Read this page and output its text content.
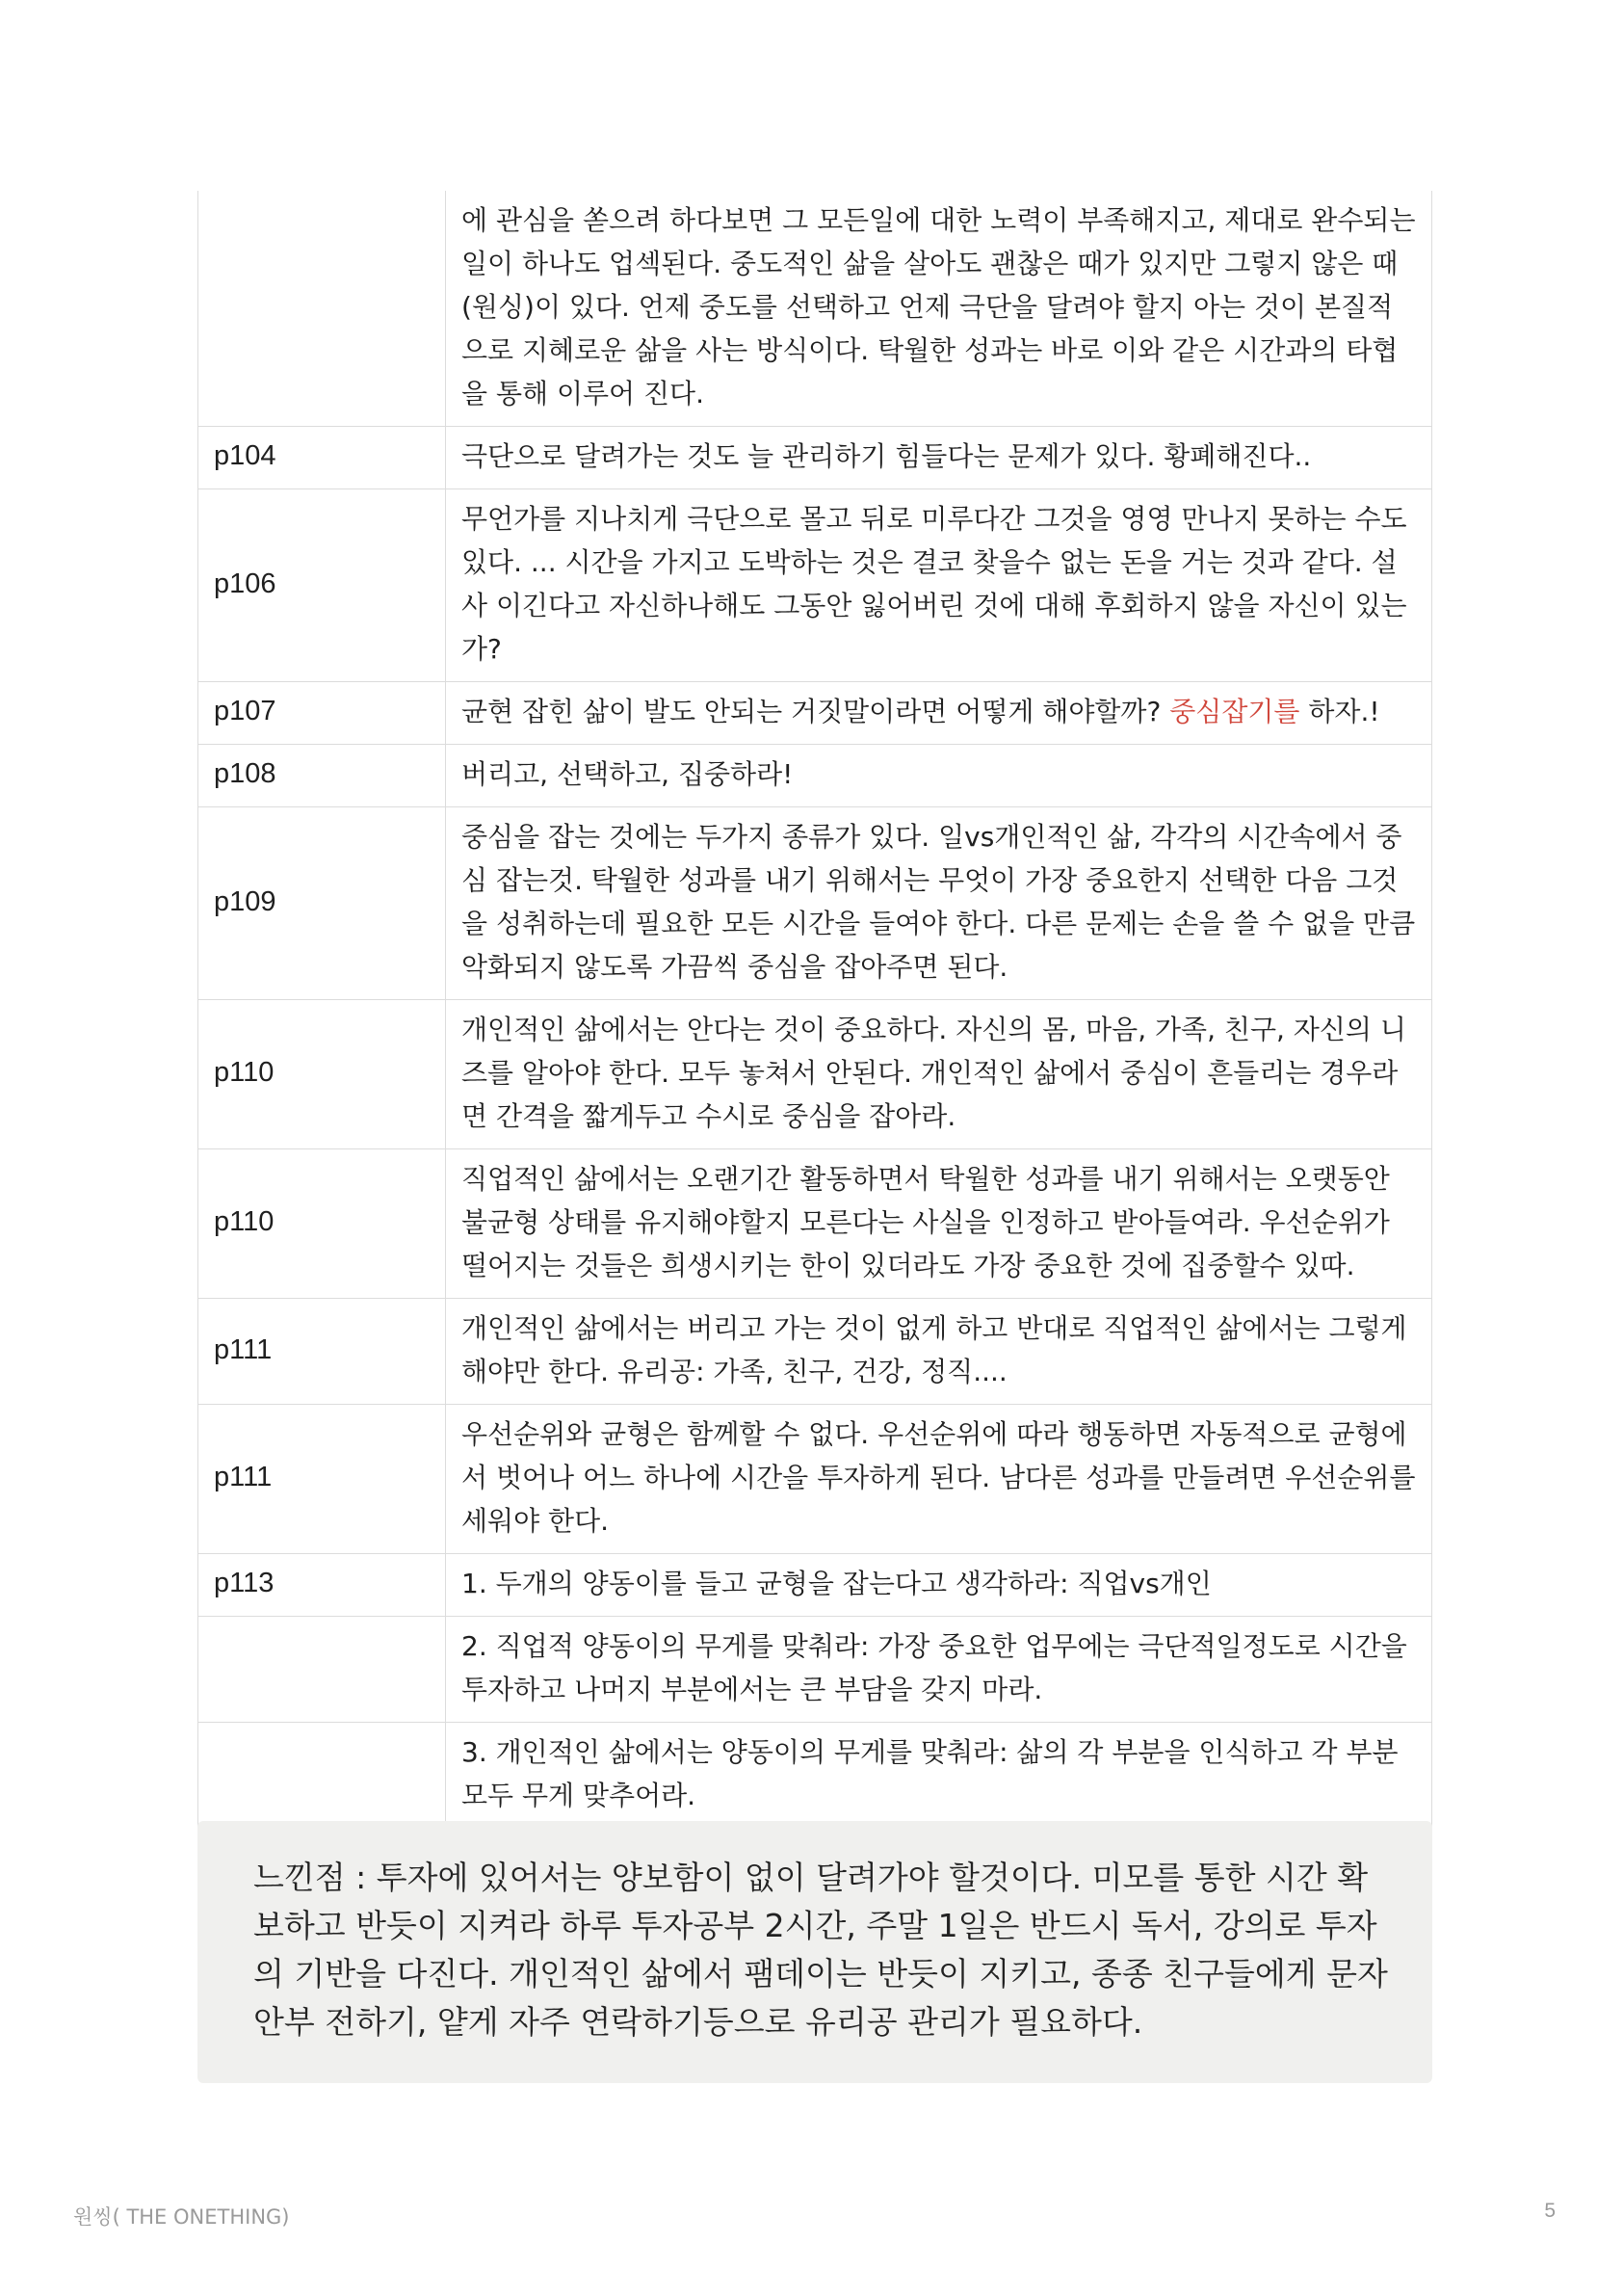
	에 관심을 쏟으려 하다보면 그 모든일에 대한 노력이 부족해지고, 제대로 완수되는 일이 하나도 업섹된다. 중도적인 삶을 살아도 괜찮은 때가 있지만 그렇지 않은 때(원싱)이 있다. 언제 중도를 선택하고 언제 극단을 달려야 할지 아는 것이 본질적으로 지혜로운 삶을 사는 방식이다. 탁월한 성과는 바로 이와 같은 시간과의 타협을 통해 이루어 진다.
p104	극단으로 달려가는 것도 늘 관리하기 힘들다는 문제가 있다. 황폐해진다..
p106	무언가를 지나치게 극단으로 몰고 뒤로 미루다간 그것을 영영 만나지 못하는 수도 있다. ... 시간을 가지고 도박하는 것은 결코 찾을수 없는 돈을 거는 것과 같다. 설사 이긴다고 자신하나해도 그동안 잃어버린 것에 대해 후회하지 않을 자신이 있는가?
p107	균현 잡힌 삶이 발도 안되는 거짓말이라면 어떻게 해야할까? 중심잡기를 하자.!
p108	버리고, 선택하고, 집중하라!
p109	중심을 잡는 것에는 두가지 종류가 있다. 일vs개인적인 삶, 각각의 시간속에서 중심 잡는것. 탁월한 성과를 내기 위해서는 무엇이 가장 중요한지 선택한 다음 그것을 성취하는데 필요한 모든 시간을 들여야 한다. 다른 문제는 손을 쓸 수 없을 만큼 악화되지 않도록 가끔씩 중심을 잡아주면 된다.
p110	개인적인 삶에서는 안다는 것이 중요하다. 자신의 몸, 마음, 가족, 친구, 자신의 니즈를 알아야 한다. 모두 놓쳐서 안된다. 개인적인 삶에서 중심이 흔들리는 경우라면 간격을 짧게두고 수시로 중심을 잡아라.
p110	직업적인 삶에서는 오랜기간 활동하면서 탁월한 성과를 내기 위해서는 오랫동안 불균형 상태를 유지해야할지 모른다는 사실을 인정하고 받아들여라. 우선순위가 떨어지는 것들은 희생시키는 한이 있더라도 가장 중요한 것에 집중할수 있따.
p111	개인적인 삶에서는 버리고 가는 것이 없게 하고 반대로 직업적인 삶에서는 그렇게 해야만 한다. 유리공: 가족, 친구, 건강, 정직....
p111	우선순위와 균형은 함께할 수 없다. 우선순위에 따라 행동하면 자동적으로 균형에서 벗어나 어느 하나에 시간을 투자하게 된다. 남다른 성과를 만들려면 우선순위를 세워야 한다.
p113	1. 두개의 양동이를 들고 균형을 잡는다고 생각하라: 직업vs개인
	2. 직업적 양동이의 무게를 맞춰라: 가장 중요한 업무에는 극단적일정도로 시간을 투자하고 나머지 부분에서는 큰 부담을 갖지 마라.
	3. 개인적인 삶에서는 양동이의 무게를 맞춰라: 삶의 각 부분을 인식하고 각 부분 모두 무게 맞추어라.
느낀점 : 투자에 있어서는 양보함이 없이 달려가야 할것이다. 미모를 통한 시간 확보하고 반듯이 지켜라 하루 투자공부 2시간, 주말 1일은 반드시 독서, 강의로 투자의 기반을 다진다. 개인적인 삶에서 팸데이는 반듯이 지키고, 종종 친구들에게 문자안부 전하기, 얕게 자주 연락하기등으로 유리공 관리가 필요하다.
원씽( THE ONETHING)	5
